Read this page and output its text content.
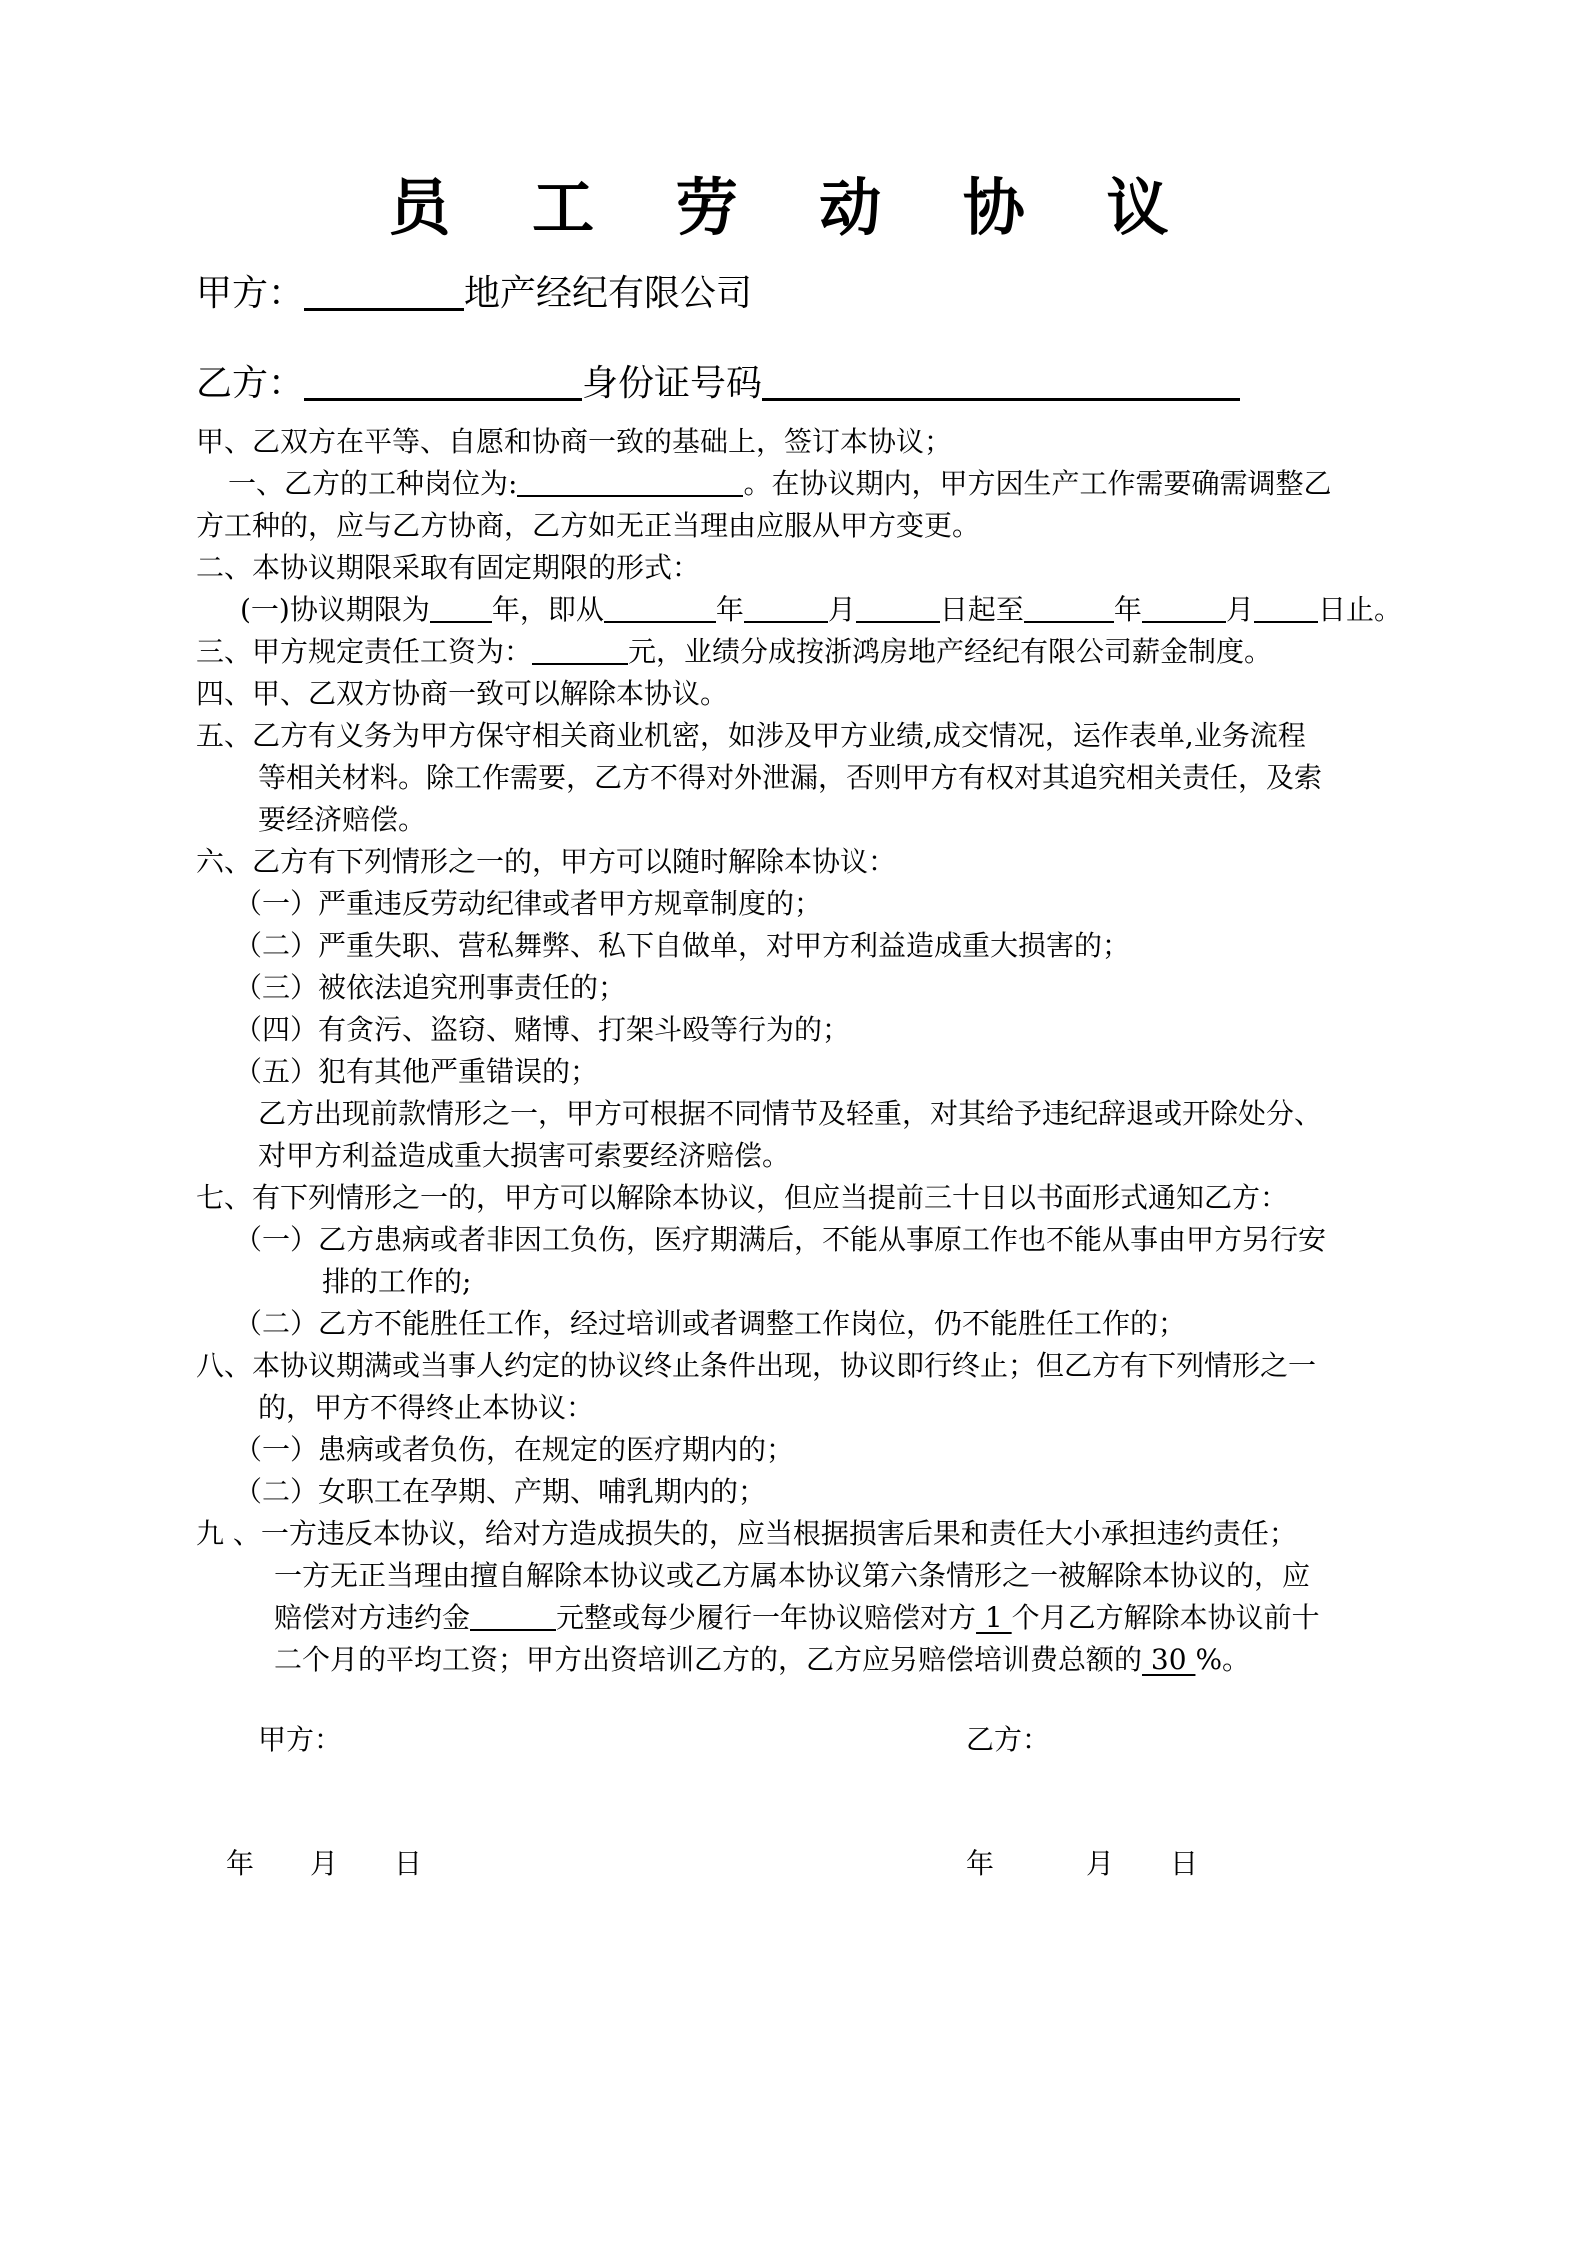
员 工 劳 动 协 议
甲方：	地产经纪有限公司
乙方：	身份证号码
甲、乙双方在平等、自愿和协商一致的基础上，签订本协议；
一、乙方的工种岗位为:	。在协议期内，甲方因生产工作需要确需调整乙
方工种的，应与乙方协商，乙方如无正当理由应服从甲方变更。
二、本协议期限采取有固定期限的形式：
(一)协议期限为 年，即从	年	月	日起至	年	月 日止。
三、甲方规定责任工资为：	元，业绩分成按浙鸿房地产经纪有限公司薪金制度。
四、甲、乙双方协商一致可以解除本协议。
五、乙方有义务为甲方保守相关商业机密，如涉及甲方业绩,成交情况，运作表单,业务流程
等相关材料。除工作需要，乙方不得对外泄漏，否则甲方有权对其追究相关责任，及索
要经济赔偿。
六、乙方有下列情形之一的，甲方可以随时解除本协议：
（一）严重违反劳动纪律或者甲方规章制度的；
（二）严重失职、营私舞弊、私下自做单，对甲方利益造成重大损害的；
（三）被依法追究刑事责任的；
（四）有贪污、盗窃、赌博、打架斗殴等行为的；
（五）犯有其他严重错误的；
乙方出现前款情形之一，甲方可根据不同情节及轻重，对其给予违纪辞退或开除处分、
对甲方利益造成重大损害可索要经济赔偿。
七、有下列情形之一的，甲方可以解除本协议，但应当提前三十日以书面形式通知乙方：
（一）乙方患病或者非因工负伤，医疗期满后，不能从事原工作也不能从事由甲方另行安
排的工作的;
（二）乙方不能胜任工作，经过培训或者调整工作岗位，仍不能胜任工作的；
八、本协议期满或当事人约定的协议终止条件出现，协议即行终止；但乙方有下列情形之一
的，甲方不得终止本协议：
（一）患病或者负伤，在规定的医疗期内的；
（二）女职工在孕期、产期、哺乳期内的；
九 、一方违反本协议，给对方造成损失的，应当根据损害后果和责任大小承担违约责任；
一方无正当理由擅自解除本协议或乙方属本协议第六条情形之一被解除本协议的，应
赔偿对方违约金	元整或每少履行一年协议赔偿对方 1 个月乙方解除本协议前十
二个月的平均工资；甲方出资培训乙方的，乙方应另赔偿培训费总额的 30 %。
甲方：	乙方：
年 月 日	年	月 日
